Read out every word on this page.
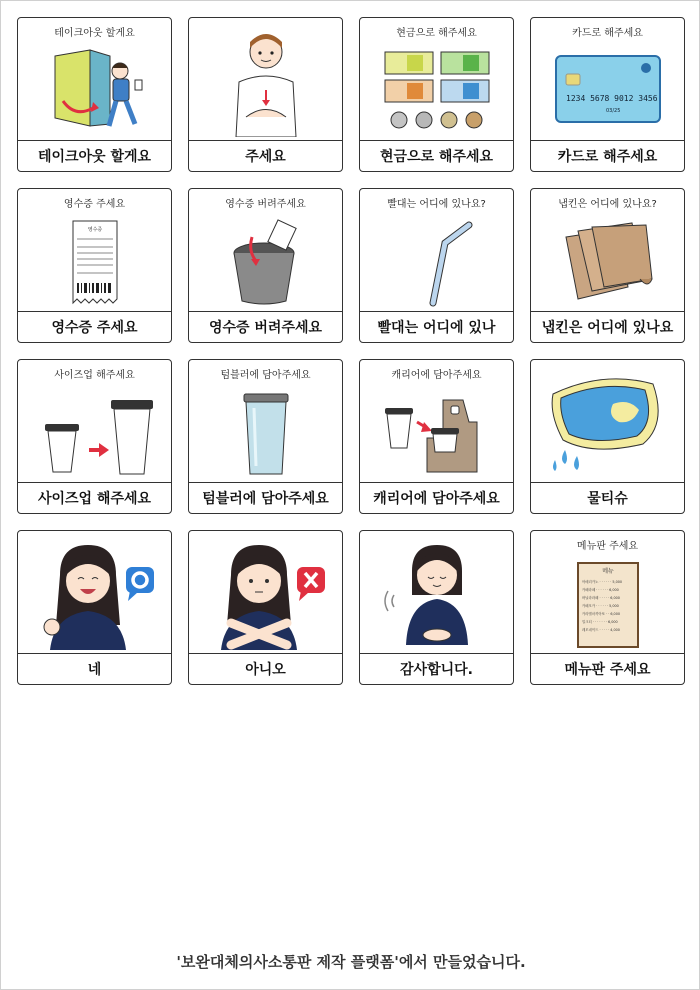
테이크아웃 할게요
테이크아웃 할게요	주세요
현금으로 해주세요
현금으로 해주세요
카드로 해주세요
1234 5678 9012 3456
03/25
카드로 해주세요
영수증 주세요
영수증
영수증 주세요
영수증 버려주세요
영수증 버려주세요
빨대는 어디에 있나요?
빨대는 어디에 있나
냅킨은 어디에 있나요?
냅킨은 어디에 있나요
사이즈업 해주세요
사이즈업 해주세요
텀블러에 담아주세요
텀블러에 담아주세요
캐리어에 담아주세요
캐리어에 담아주세요	물티슈
네	아니오	감사합니다.
메뉴판 주세요
메뉴
아메리카노 · · · · · · 5,000
카페라떼 · · · · · · 6,000
바닐라라떼 · · · · · 6,000
카페모카 · · · · · · 5,000
카라멜마끼아또 · · 6,000
밀크티 · · · · · · · 6,000
레모네이드 · · · · · 4,000
메뉴판 주세요
'보완대체의사소통판 제작 플랫폼'에서 만들었습니다.
